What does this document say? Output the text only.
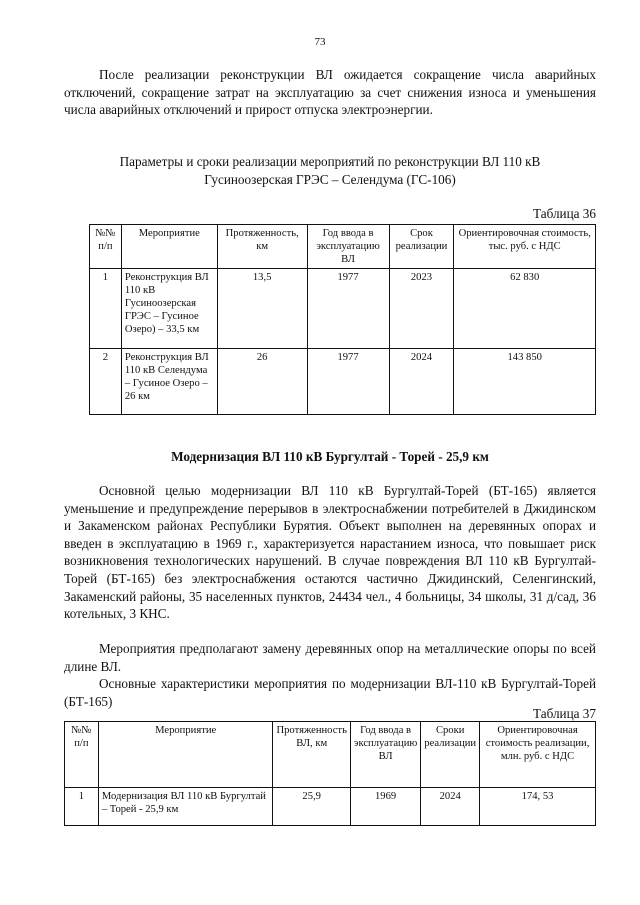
73

После реализации реконструкции ВЛ ожидается сокращение числа аварийных отключений, сокращение затрат на эксплуатацию за счет снижения износа и уменьшения числа аварийных отключений и прирост отпуска электроэнергии.

Параметры и сроки реализации мероприятий по реконструкции ВЛ 110 кВ
Гусиноозерская ГРЭС – Селендума (ГС-106)

Таблица 36
№№ п/п	Мероприятие	Протяженность, км	Год ввода в эксплуатацию ВЛ	Срок реализации	Ориентировочная стоимость, тыс. руб. с НДС
1	Реконструкция ВЛ 110 кВ Гусиноозерская ГРЭС – Гусиное Озеро) – 33,5 км	13,5	1977	2023	62 830
2	Реконструкция ВЛ 110 кВ Селендума – Гусиное Озеро – 26 км	26	1977	2024	143 850

Модернизация ВЛ 110 кВ Бургултай - Торей - 25,9 км

Основной целью модернизации ВЛ 110 кВ Бургултай-Торей (БТ-165) является уменьшение и предупреждение перерывов в электроснабжении потребителей в Джидинском и Закаменском районах Республики Бурятия. Объект выполнен на деревянных опорах и введен в эксплуатацию в 1969 г., характеризуется нарастанием износа, что повышает риск возникновения технологических нарушений. В случае повреждения ВЛ 110 кВ Бургултай-Торей (БТ-165) без электроснабжения остаются частично Джидинский, Селенгинский, Закаменский районы, 35 населенных пунктов, 24434 чел., 4 больницы, 34 школы, 31 д/сад, 36 котельных, 3 КНС.

Мероприятия предполагают замену деревянных опор на металлические опоры по всей длине ВЛ.

Основные характеристики мероприятия по модернизации ВЛ-110 кВ Бургултай-Торей (БТ-165)

Таблица 37
№№ п/п	Мероприятие	Протяженность ВЛ, км	Год ввода в эксплуатацию ВЛ	Сроки реализации	Ориентировочная стоимость реализации, млн. руб. с НДС
1	Модернизация ВЛ 110 кВ Бургултай – Торей - 25,9 км	25,9	1969	2024	174, 53
